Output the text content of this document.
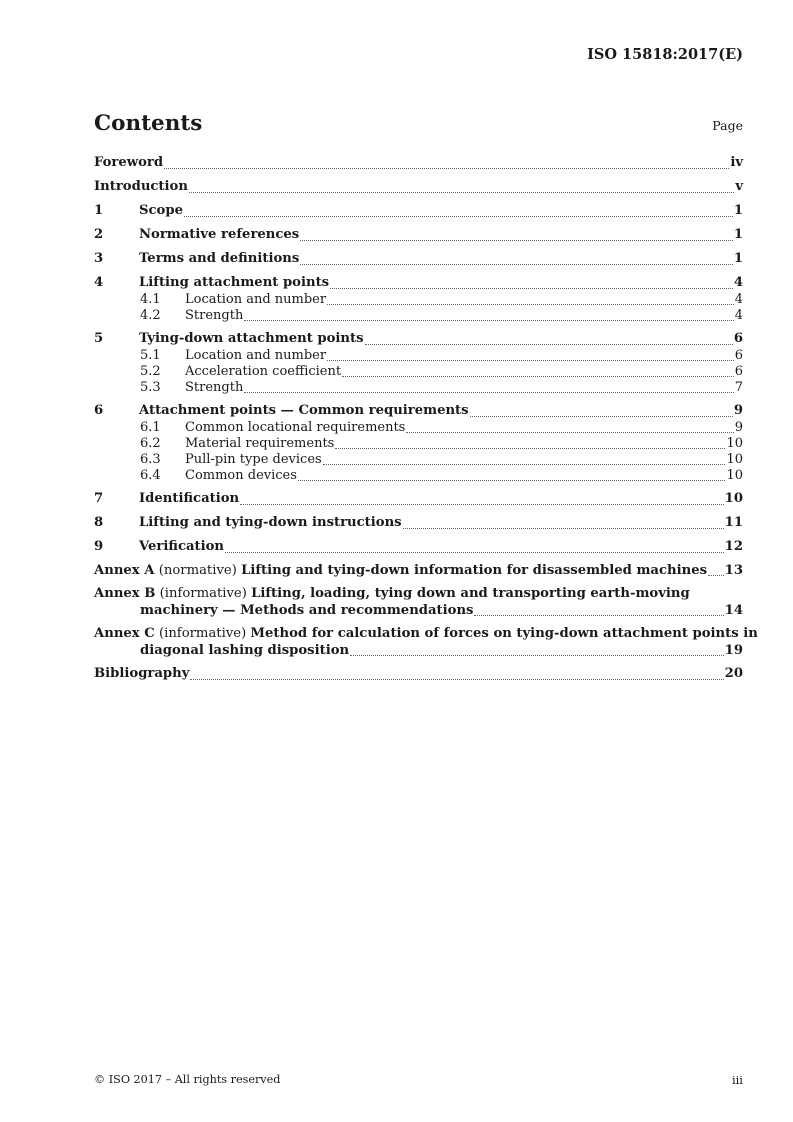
ISO 15818:2017(E)
Contents	Page
Foreword	iv
Introduction	v
1	Scope	1
2	Normative references	1
3	Terms and definitions	1
4	Lifting attachment points	4
4.1	Location and number	4
4.2	Strength	4
5	Tying-down attachment points	6
5.1	Location and number	6
5.2	Acceleration coefficient	6
5.3	Strength	7
6	Attachment points — Common requirements	9
6.1	Common locational requirements	9
6.2	Material requirements	10
6.3	Pull-pin type devices	10
6.4	Common devices	10
7	Identification	10
8	Lifting and tying-down instructions	11
9	Verification	12
Annex A (normative) Lifting and tying-down information for disassembled machines 13
Annex B (informative) Lifting, loading, tying down and transporting earth-moving
machinery — Methods and recommendations	14
Annex C (informative) Method for calculation of forces on tying-down attachment points in
diagonal lashing disposition	19
Bibliography	20
© ISO 2017 – All rights reserved	iii
